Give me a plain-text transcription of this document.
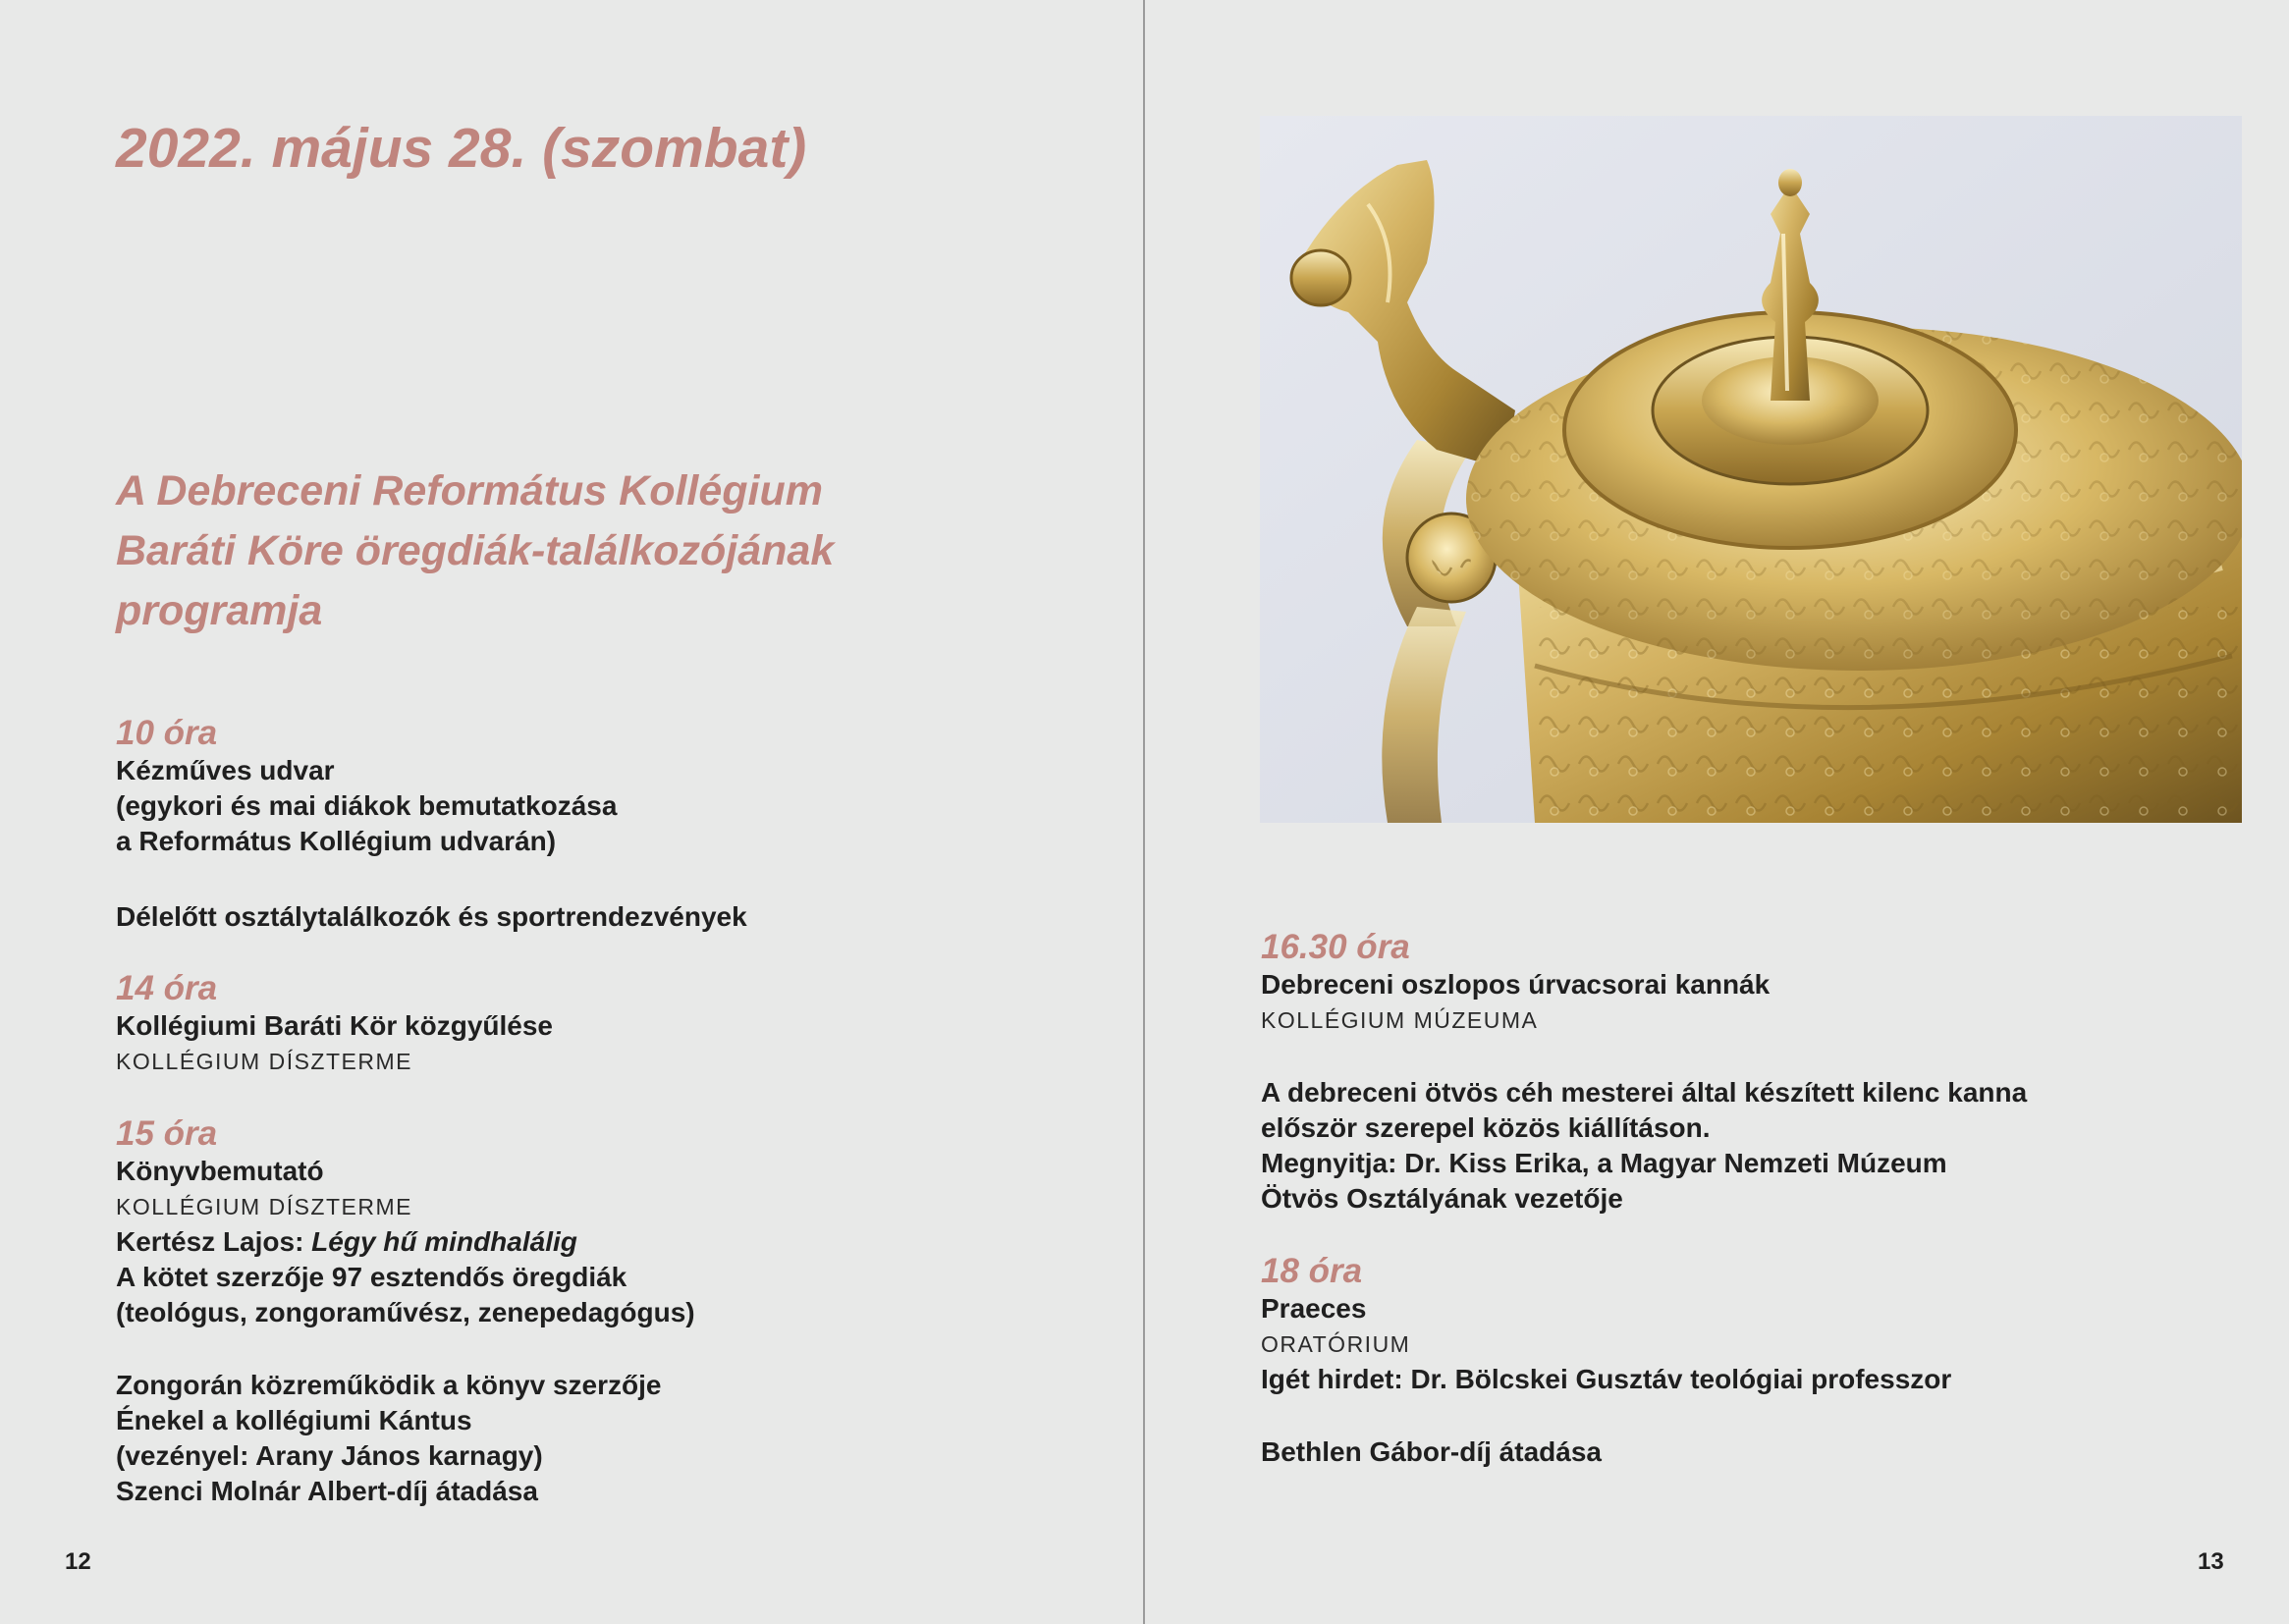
2022. május 28. (szombat)
A Debreceni Református Kollégium
Baráti Köre öregdiák-találkozójának
programja
10 óra
Kézműves udvar
(egykori és mai diákok bemutatkozása
a Református Kollégium udvarán)
Délelőtt osztálytalálkozók és sportrendezvények
14 óra
Kollégiumi Baráti Kör közgyűlése
KOLLÉGIUM DÍSZTERME
15 óra
Könyvbemutató
KOLLÉGIUM DÍSZTERME
Kertész Lajos: Légy hű mindhalálig
A kötet szerzője 97 esztendős öregdiák
(teológus, zongoraművész, zenepedagógus)
Zongorán közreműködik a könyv szerzője
Énekel a kollégiumi Kántus
(vezényel: Arany János karnagy)
Szenci Molnár Albert-díj átadása
12
16.30 óra
Debreceni oszlopos úrvacsorai kannák
KOLLÉGIUM MÚZEUMA
A debreceni ötvös céh mesterei által készített kilenc kanna
először szerepel közös kiállításon.
Megnyitja: Dr. Kiss Erika, a Magyar Nemzeti Múzeum
Ötvös Osztályának vezetője
18 óra
Praeces
ORATÓRIUM
Igét hirdet: Dr. Bölcskei Gusztáv teológiai professzor
Bethlen Gábor-díj átadása
13
